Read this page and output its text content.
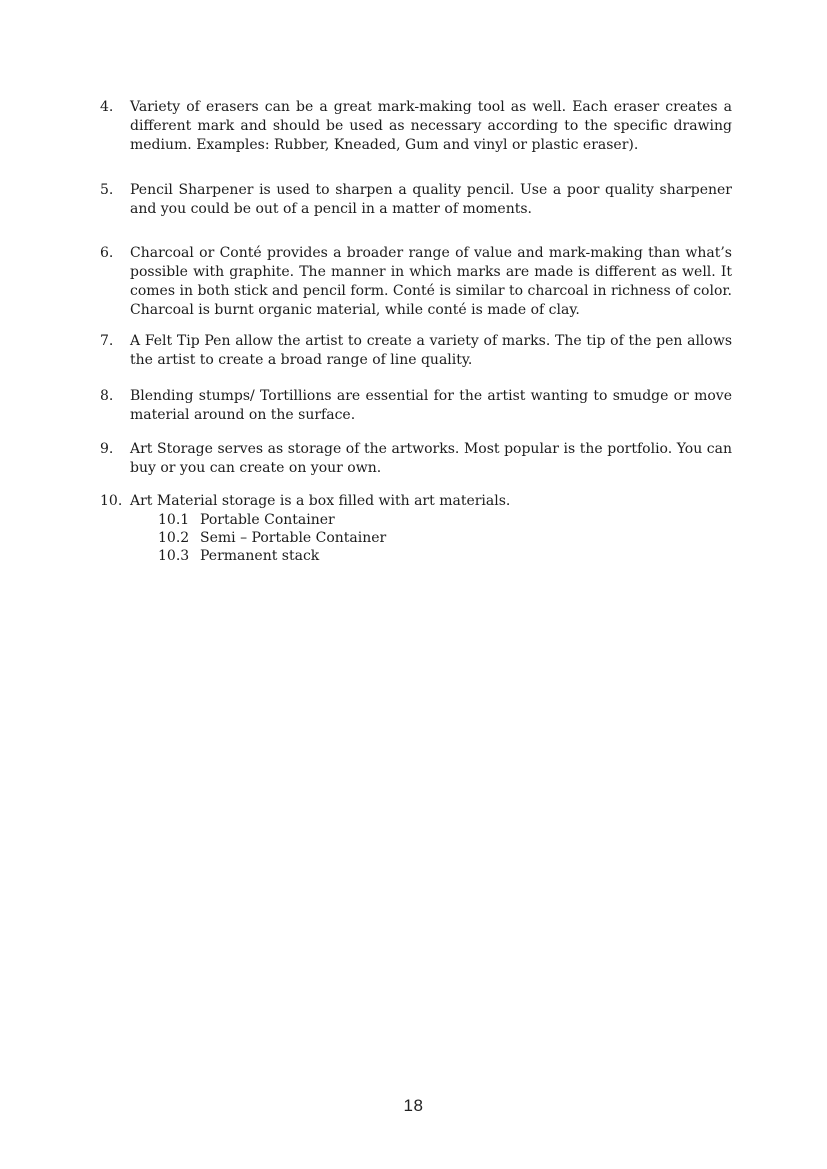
4.	Variety of erasers can be a great mark-making tool as well. Each eraser creates a different mark and should be used as necessary according to the specific drawing medium. Examples: Rubber, Kneaded, Gum and vinyl or plastic eraser).
5.	Pencil Sharpener is used to sharpen a quality pencil. Use a poor quality sharpener and you could be out of a pencil in a matter of moments.
6.	Charcoal or Conté provides a broader range of value and mark-making than what’s possible with graphite. The manner in which marks are made is different as well. It comes in both stick and pencil form. Conté is similar to charcoal in richness of color. Charcoal is burnt organic material, while conté is made of clay.
7.	A Felt Tip Pen allow the artist to create a variety of marks. The tip of the pen allows the artist to create a broad range of line quality.
8.	Blending stumps/ Tortillions are essential for the artist wanting to smudge or move material around on the surface.
9.	Art Storage serves as storage of the artworks. Most popular is the portfolio. You can buy or you can create on your own.
10. Art Material storage is a box filled with art materials.
10.1 Portable Container
10.2 Semi – Portable Container
10.3 Permanent stack
18
